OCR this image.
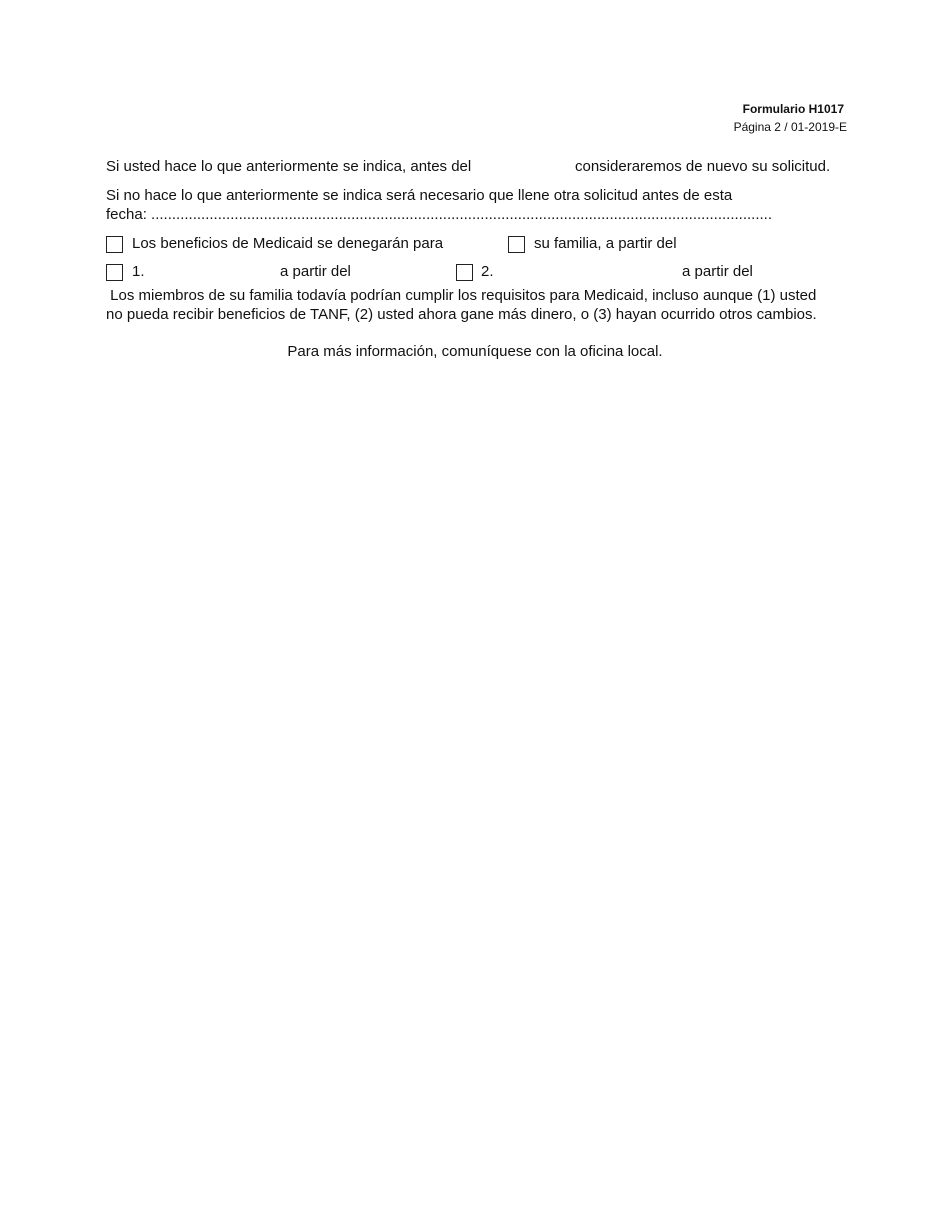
Formulario H1017
Página 2 / 01-2019-E
Si usted hace lo que anteriormente se indica, antes del	consideraremos de nuevo su solicitud.
Si no hace lo que anteriormente se indica será necesario que llene otra solicitud antes de esta
fecha: .....................................................................................................................................................
Los beneficios de Medicaid se denegarán para	su familia, a partir del
1.	a partir del	2.	a partir del
Los miembros de su familia todavía podrían cumplir los requisitos para Medicaid, incluso aunque (1) usted
no pueda recibir beneficios de TANF, (2) usted ahora gane más dinero, o (3) hayan ocurrido otros cambios.
Para más información, comuníquese con la oficina local.
